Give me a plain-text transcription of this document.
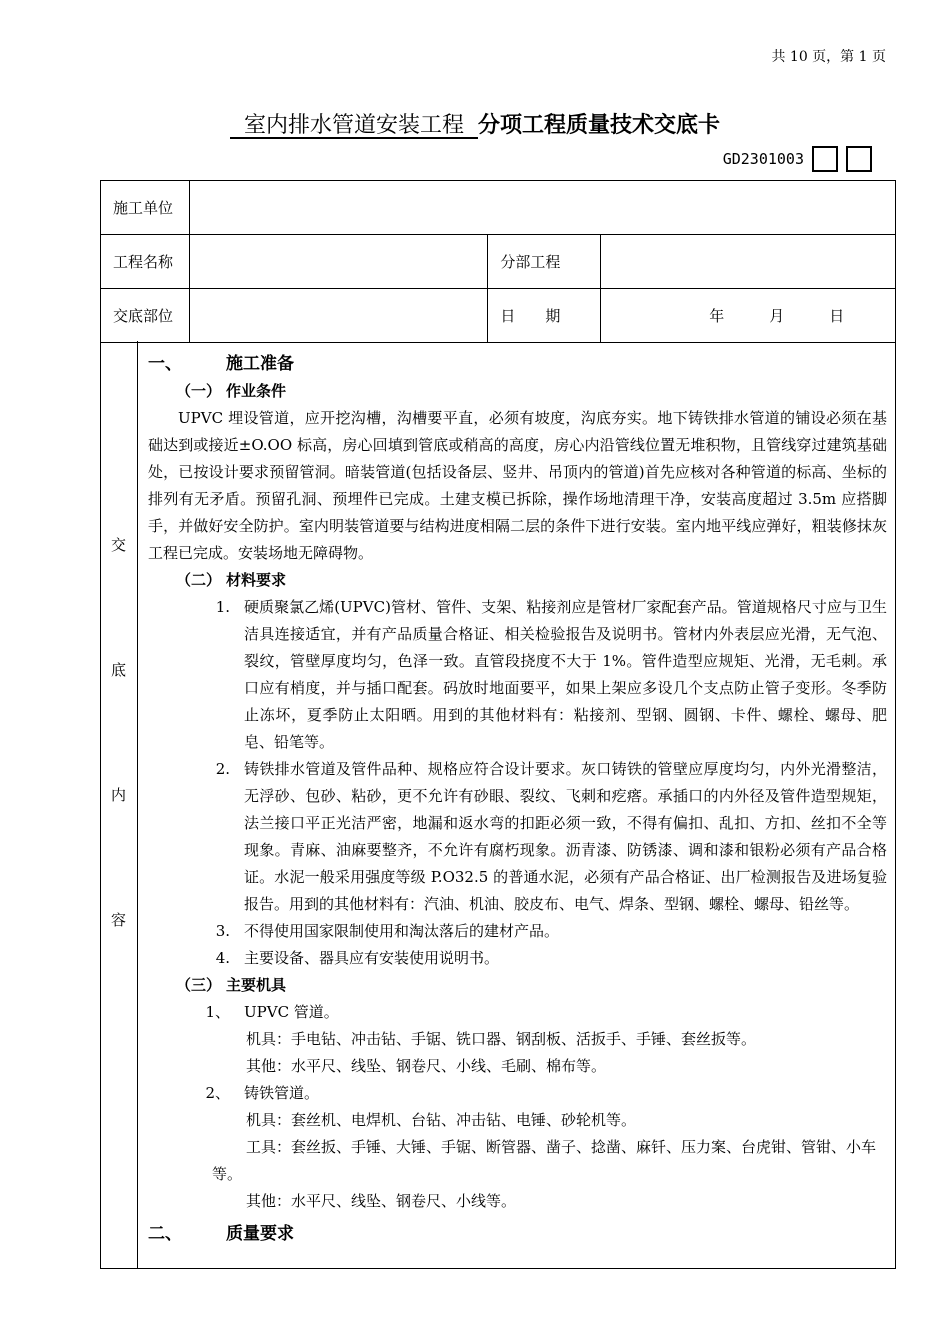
共 10 页，第 1 页
室内排水管道安装工程  分项工程质量技术交底卡
GD2301003
施工单位			
工程名称		分部工程	
交底部位		日　　期	年　　　月　　　日
交
底
内
容
一、	施工准备
（一） 作业条件
UPVC 埋设管道，应开挖沟槽，沟槽要平直，必须有坡度，沟底夯实。地下铸铁排水管道的铺设必须在基础达到或接近±O.OO 标高，房心回填到管底或稍高的高度，房心内沿管线位置无堆积物，且管线穿过建筑基础处，已按设计要求预留管洞。暗装管道(包括设备层、竖井、吊顶内的管道)首先应核对各种管道的标高、坐标的排列有无矛盾。预留孔洞、预埋件已完成。土建支模已拆除，操作场地清理干净，安装高度超过 3.5m 应搭脚手，并做好安全防护。室内明装管道要与结构进度相隔二层的条件下进行安装。室内地平线应弹好，粗装修抹灰工程已完成。安装场地无障碍物。
（二） 材料要求
1. 硬质聚氯乙烯(UPVC)管材、管件、支架、粘接剂应是管材厂家配套产品。管道规格尺寸应与卫生洁具连接适宜，并有产品质量合格证、相关检验报告及说明书。管材内外表层应光滑，无气泡、裂纹，管壁厚度均匀，色泽一致。直管段挠度不大于 1%。管件造型应规矩、光滑，无毛刺。承口应有梢度，并与插口配套。码放时地面要平，如果上架应多设几个支点防止管子变形。冬季防止冻坏，夏季防止太阳晒。用到的其他材料有：粘接剂、型钢、圆钢、卡件、螺栓、螺母、肥皂、铅笔等。
2. 铸铁排水管道及管件品种、规格应符合设计要求。灰口铸铁的管壁应厚度均匀，内外光滑整洁，无浮砂、包砂、粘砂，更不允许有砂眼、裂纹、飞刺和疙瘩。承插口的内外径及管件造型规矩，法兰接口平正光洁严密，地漏和返水弯的扣距必须一致，不得有偏扣、乱扣、方扣、丝扣不全等现象。青麻、油麻要整齐，不允许有腐朽现象。沥青漆、防锈漆、调和漆和银粉必须有产品合格证。水泥一般采用强度等级 P.O32.5 的普通水泥，必须有产品合格证、出厂检测报告及进场复验报告。用到的其他材料有：汽油、机油、胶皮布、电气、焊条、型钢、螺栓、螺母、铅丝等。
3. 不得使用国家限制使用和淘汰落后的建材产品。
4. 主要设备、器具应有安装使用说明书。
（三） 主要机具
1、 UPVC 管道。
机具：手电钻、冲击钻、手锯、铣口器、钢刮板、活扳手、手锤、套丝扳等。
其他：水平尺、线坠、钢卷尺、小线、毛刷、棉布等。
2、 铸铁管道。
机具：套丝机、电焊机、台钻、冲击钻、电锤、砂轮机等。
工具：套丝扳、手锤、大锤、手锯、断管器、凿子、捻凿、麻钎、压力案、台虎钳、管钳、小车
等。
其他：水平尺、线坠、钢卷尺、小线等。
二、	质量要求
